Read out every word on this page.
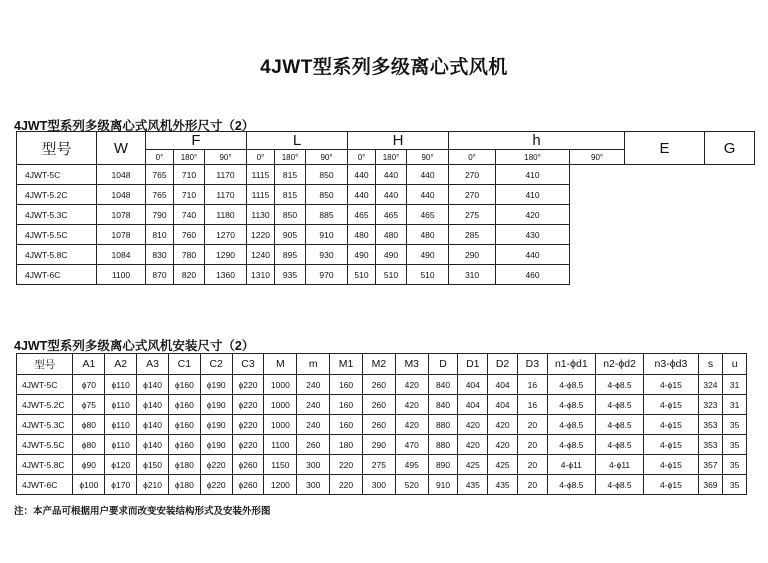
4JWT型系列多级离心式风机
4JWT型系列多级离心式风机外形尺寸（2）
型号	W	F			L			H			h			E	G
		0°	180°	90°	0°	180°	90°	0°	180°	90°	0°	180°	90°		
4JWT-5C	1048	765	710	1170	1115	815	850	440	440	440	270	410			
4JWT-5.2C	1048	765	710	1170	1115	815	850	440	440	440	270	410			
4JWT-5.3C	1078	790	740	1180	1130	850	885	465	465	465	275	420			
4JWT-5.5C	1078	810	760	1270	1220	905	910	480	480	480	285	430			
4JWT-5.8C	1084	830	780	1290	1240	895	930	490	490	490	290	440			
4JWT-6C	1100	870	820	1360	1310	935	970	510	510	510	310	460			
4JWT型系列多级离心式风机安装尺寸（2）
型号	A1	A2	A3	C1	C2	C3	M	m	M1	M2	M3	D	D1	D2	D3	n1-ϕd1	n2-ϕd2	n3-ϕd3	s	u
4JWT-5C	ϕ70	ϕ110	ϕ140	ϕ160	ϕ190	ϕ220	1000	240	160	260	420	840	404	404	16	4-ϕ8.5	4-ϕ8.5	4-ϕ15	324	31
4JWT-5.2C	ϕ75	ϕ110	ϕ140	ϕ160	ϕ190	ϕ220	1000	240	160	260	420	840	404	404	16	4-ϕ8.5	4-ϕ8.5	4-ϕ15	323	31
4JWT-5.3C	ϕ80	ϕ110	ϕ140	ϕ160	ϕ190	ϕ220	1000	240	160	260	420	880	420	420	20	4-ϕ8.5	4-ϕ8.5	4-ϕ15	353	35
4JWT-5.5C	ϕ80	ϕ110	ϕ140	ϕ160	ϕ190	ϕ220	1100	260	180	290	470	880	420	420	20	4-ϕ8.5	4-ϕ8.5	4-ϕ15	353	35
4JWT-5.8C	ϕ90	ϕ120	ϕ150	ϕ180	ϕ220	ϕ260	1150	300	220	275	495	890	425	425	20	4-ϕ11	4-ϕ11	4-ϕ15	357	35
4JWT-6C	ϕ100	ϕ170	ϕ210	ϕ180	ϕ220	ϕ260	1200	300	220	300	520	910	435	435	20	4-ϕ8.5	4-ϕ8.5	4-ϕ15	369	35
注：本产品可根据用户要求而改变安装结构形式及安装外形图
